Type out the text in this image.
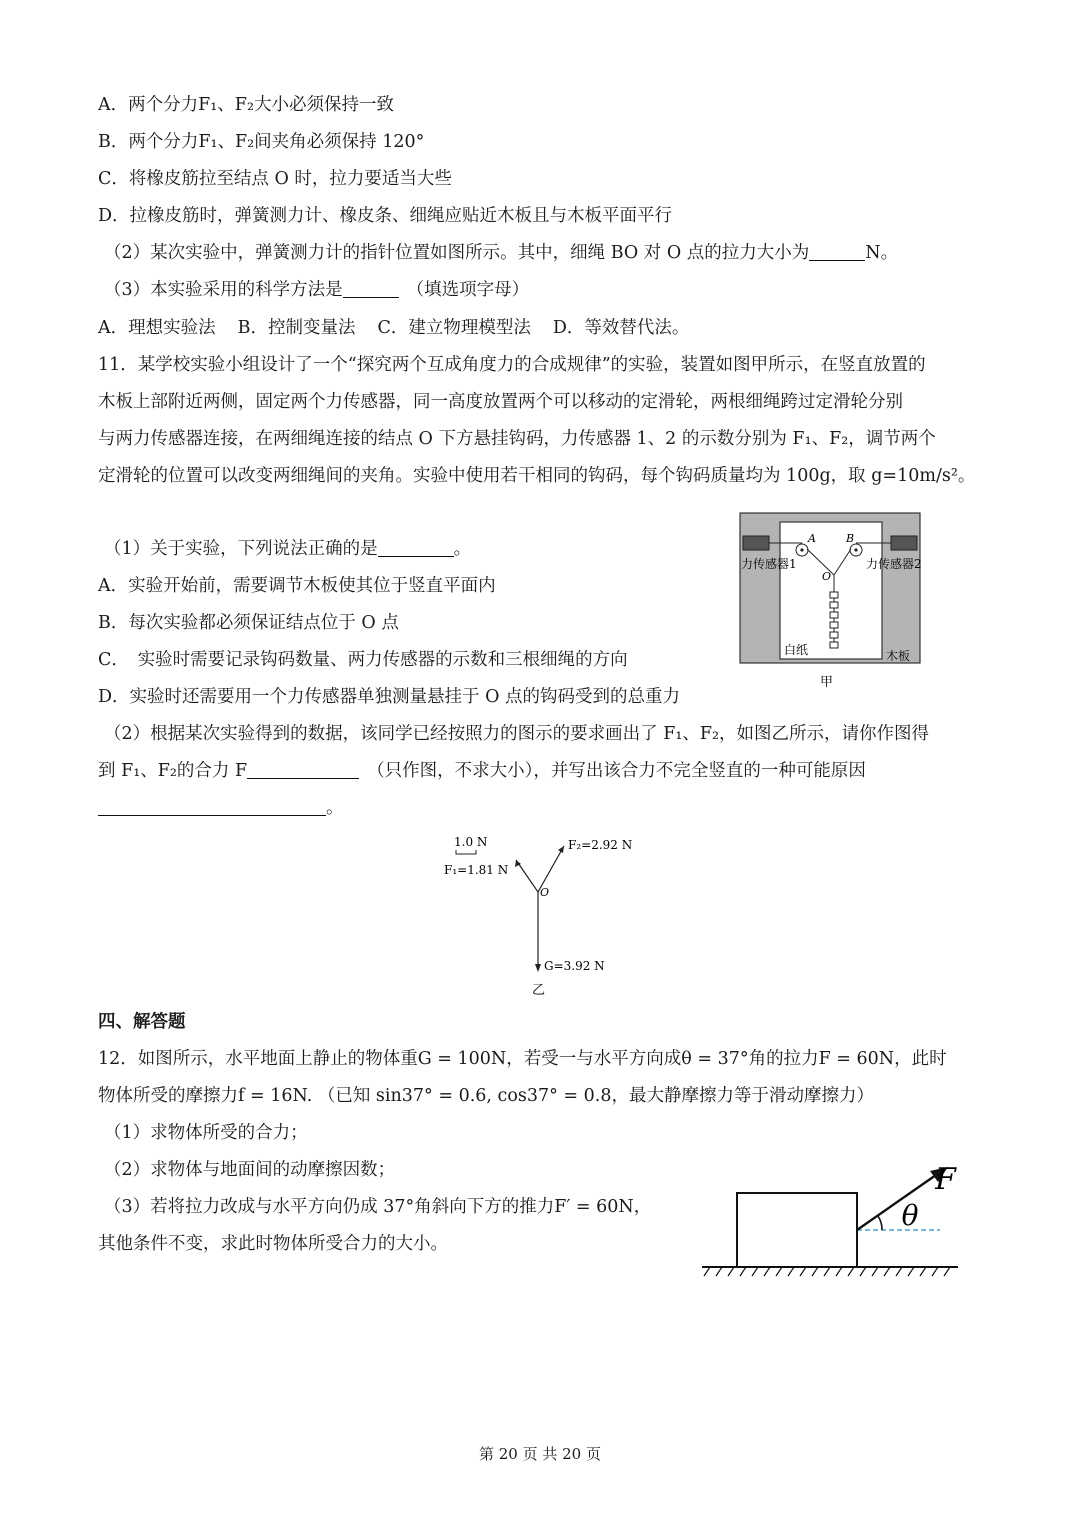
A．两个分力F₁、F₂大小必须保持一致
B．两个分力F₁、F₂间夹角必须保持 120°
C．将橡皮筋拉至结点 O 时，拉力要适当大些
D．拉橡皮筋时，弹簧测力计、橡皮条、细绳应贴近木板且与木板平面平行
（2）某次实验中，弹簧测力计的指针位置如图所示。其中，细绳 BO 对 O 点的拉力大小为	N。
（3）本实验采用的科学方法是	（填选项字母）
A．理想实验法 B．控制变量法 C．建立物理模型法 D．等效替代法。
11．某学校实验小组设计了一个“探究两个互成角度力的合成规律”的实验，装置如图甲所示，在竖直放置的
木板上部附近两侧，固定两个力传感器，同一高度放置两个可以移动的定滑轮，两根细绳跨过定滑轮分别
与两力传感器连接，在两细绳连接的结点 O 下方悬挂钩码，力传感器 1、2 的示数分别为 F₁、F₂，调节两个
定滑轮的位置可以改变两细绳间的夹角。实验中使用若干相同的钩码，每个钩码质量均为 100g，取 g=10m/s²。
（1）关于实验，下列说法正确的是	。
A．实验开始前，需要调节木板使其位于竖直平面内
B．每次实验都必须保证结点位于 O 点
C．　实验时需要记录钩码数量、两力传感器的示数和三根细绳的方向
D．实验时还需要用一个力传感器单独测量悬挂于 O 点的钩码受到的总重力
（2）根据某次实验得到的数据，该同学已经按照力的图示的要求画出了 F₁、F₂，如图乙所示，请你作图得
到 F₁、F₂的合力 F	（只作图，不求大小），并写出该合力不完全竖直的一种可能原因
。
力传感器1	力传感器2
A	B
O
白纸	木板
甲
1.0 N
F₁=1.81 N
F₂=2.92 N
O
G=3.92 N
乙
四、解答题
12．如图所示，水平地面上静止的物体重G = 100N，若受一与水平方向成θ = 37°角的拉力F = 60N，此时
物体所受的摩擦力f = 16N. （已知 sin37° = 0.6, cos37° = 0.8，最大静摩擦力等于滑动摩擦力）
（1）求物体所受的合力；
（2）求物体与地面间的动摩擦因数；
（3）若将拉力改成与水平方向仍成 37°角斜向下方的推力F′ = 60N，
其他条件不变，求此时物体所受合力的大小。
F
θ
第 20 页 共 20 页
